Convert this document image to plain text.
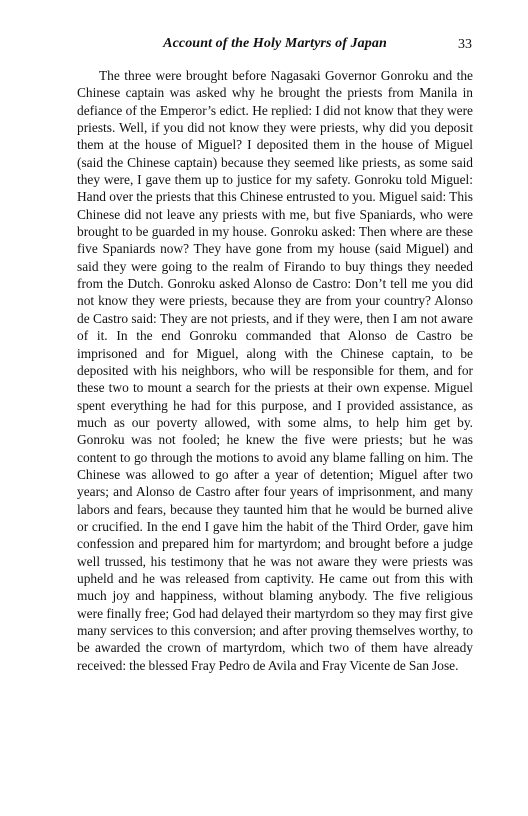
Account of the Holy Martyrs of Japan	33

The three were brought before Nagasaki Governor Gonroku and the Chinese captain was asked why he brought the priests from Manila in defiance of the Emperor’s edict. He replied: I did not know that they were priests. Well, if you did not know they were priests, why did you deposit them at the house of Miguel? I deposited them in the house of Miguel (said the Chinese captain) because they seemed like priests, as some said they were, I gave them up to justice for my safety. Gonroku told Miguel: Hand over the priests that this Chinese entrusted to you. Miguel said: This Chinese did not leave any priests with me, but five Spaniards, who were brought to be guarded in my house. Gonroku asked: Then where are these five Spaniards now? They have gone from my house (said Miguel) and said they were going to the realm of Firando to buy things they needed from the Dutch. Gonroku asked Alonso de Castro: Don’t tell me you did not know they were priests, because they are from your country? Alonso de Castro said: They are not priests, and if they were, then I am not aware of it. In the end Gonroku commanded that Alonso de Castro be imprisoned and for Miguel, along with the Chinese captain, to be deposited with his neighbors, who will be responsible for them, and for these two to mount a search for the priests at their own expense. Miguel spent everything he had for this purpose, and I provided assistance, as much as our poverty allowed, with some alms, to help him get by. Gonroku was not fooled; he knew the five were priests; but he was content to go through the motions to avoid any blame falling on him. The Chinese was allowed to go after a year of detention; Miguel after two years; and Alonso de Castro after four years of imprisonment, and many labors and fears, because they taunted him that he would be burned alive or crucified. In the end I gave him the habit of the Third Order, gave him confession and prepared him for martyrdom; and brought before a judge well trussed, his testimony that he was not aware they were priests was upheld and he was released from captivity. He came out from this with much joy and happiness, without blaming anybody. The five religious were finally free; God had delayed their martyrdom so they may first give many services to this conversion; and after proving themselves worthy, to be awarded the crown of martyrdom, which two of them have already received: the blessed Fray Pedro de Avila and Fray Vicente de San Jose.
